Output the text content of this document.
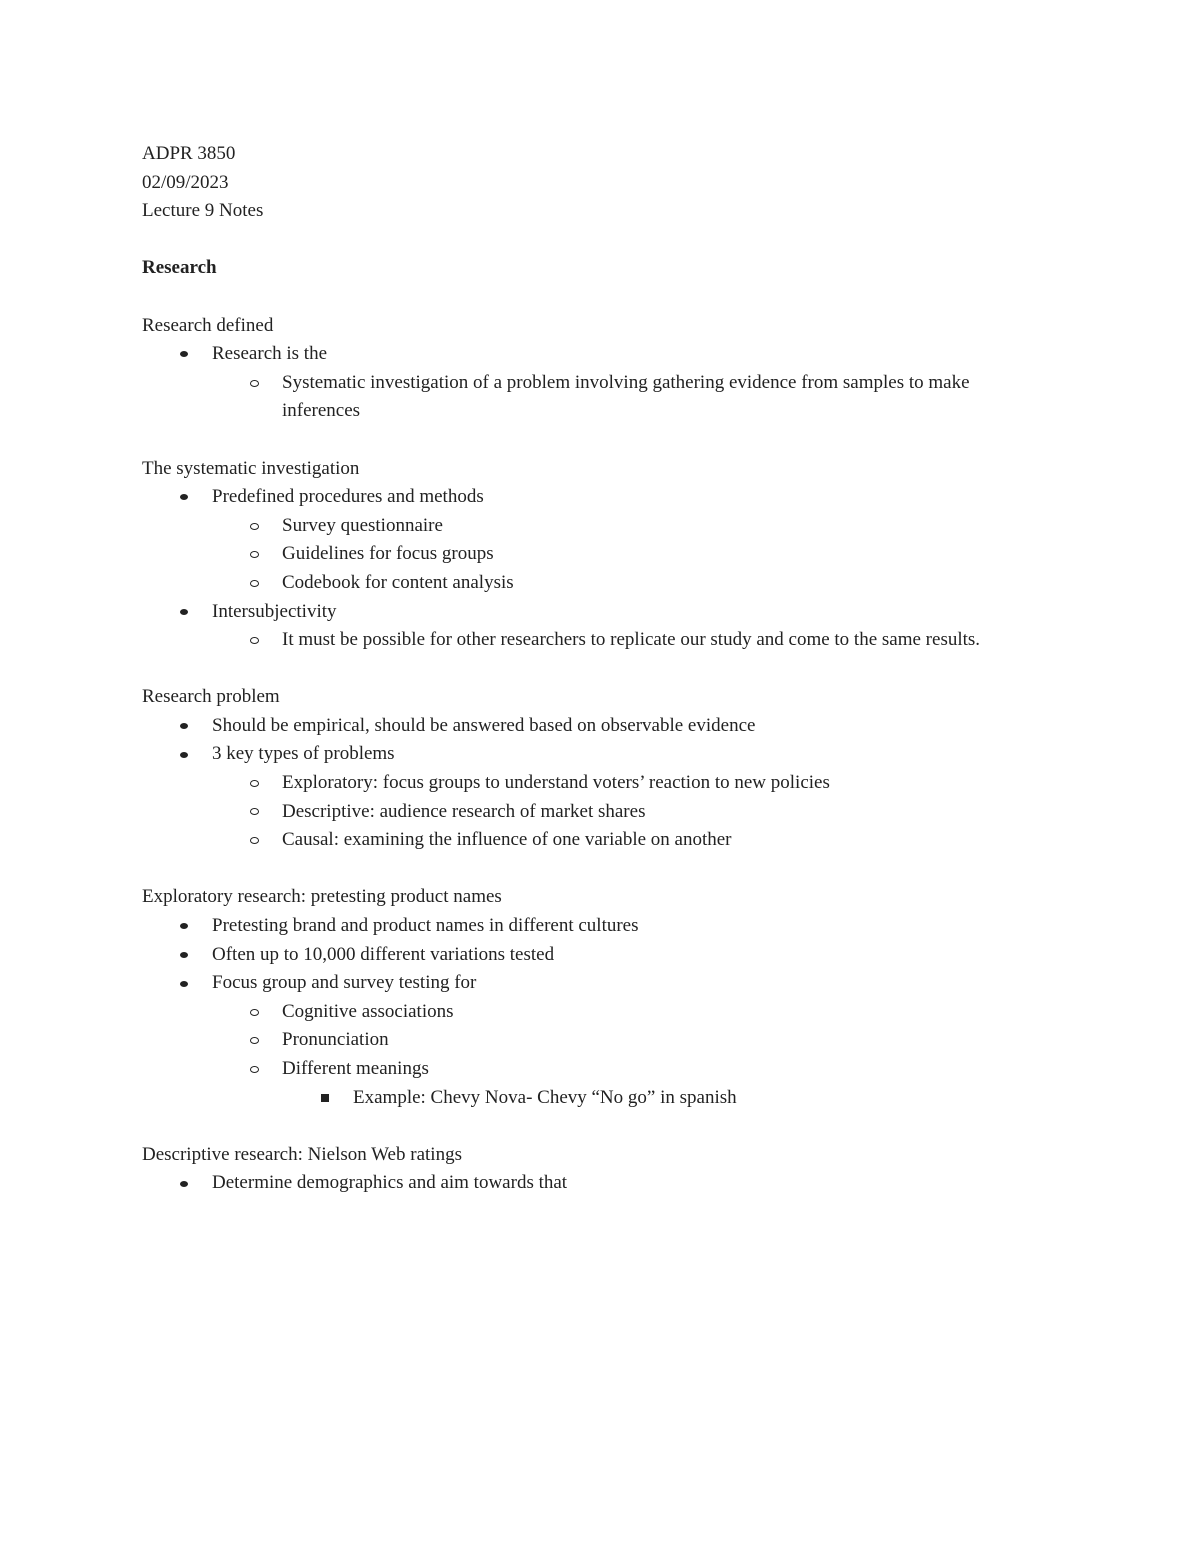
ADPR 3850

02/09/2023

Lecture 9 Notes

Research

Research defined

Research is the
Systematic investigation of a problem involving gathering evidence from samples to make inferences

The systematic investigation

Predefined procedures and methods
Survey questionnaire
Guidelines for focus groups
Codebook for content analysis
Intersubjectivity
It must be possible for other researchers to replicate our study and come to the same results.

Research problem

Should be empirical, should be answered based on observable evidence
3 key types of problems
Exploratory: focus groups to understand voters’ reaction to new policies
Descriptive: audience research of market shares
Causal: examining the influence of one variable on another

Exploratory research: pretesting product names

Pretesting brand and product names in different cultures
Often up to 10,000 different variations tested
Focus group and survey testing for
Cognitive associations
Pronunciation
Different meanings
Example: Chevy Nova- Chevy “No go” in spanish

Descriptive research: Nielson Web ratings

Determine demographics and aim towards that
